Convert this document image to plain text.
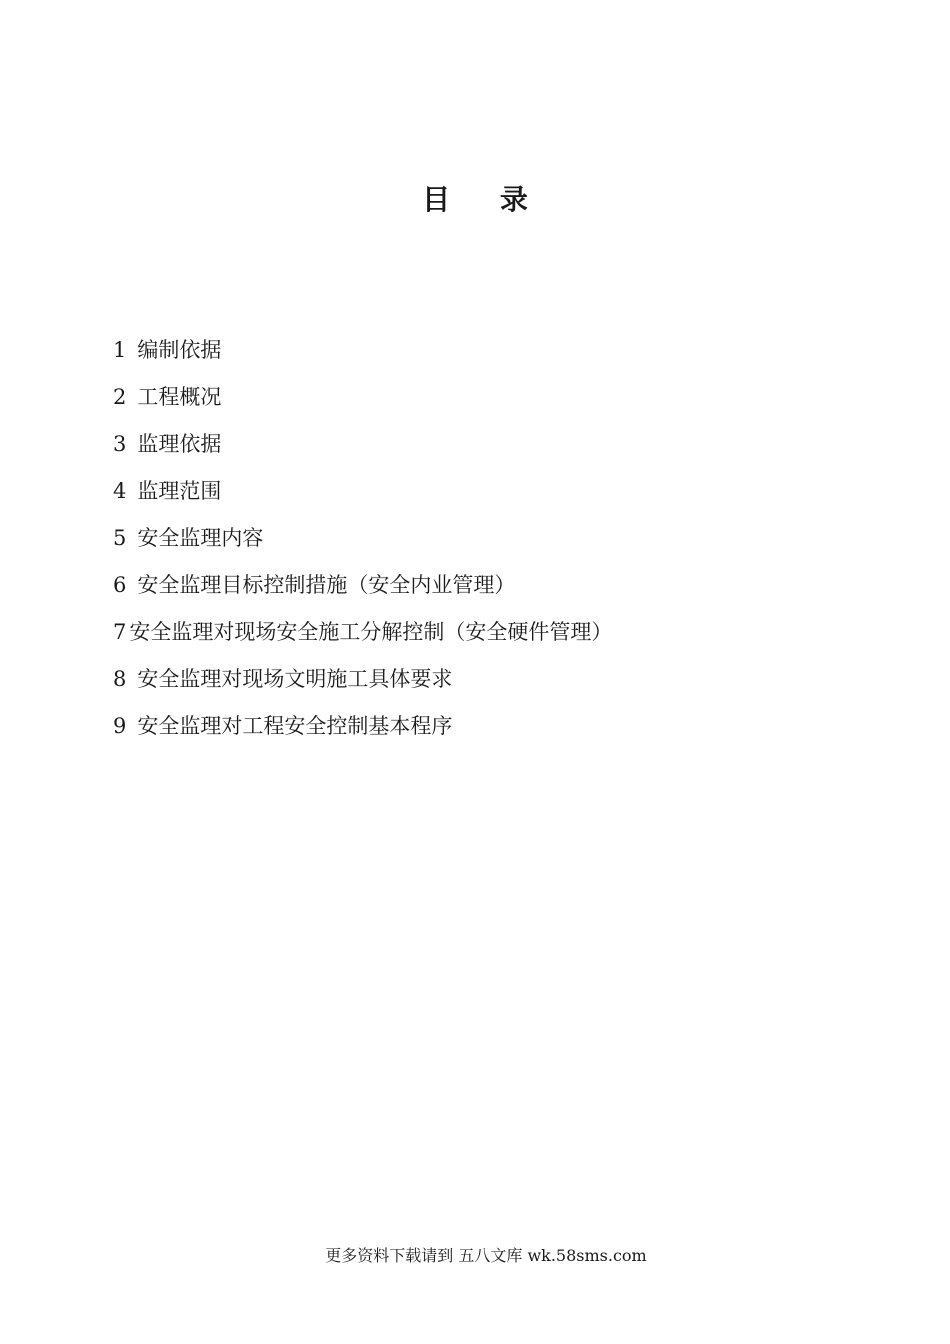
目 录
1 编制依据
2 工程概况
3 监理依据
4 监理范围
5 安全监理内容
6 安全监理目标控制措施（安全内业管理）
7 安全监理对现场安全施工分解控制（安全硬件管理）
8 安全监理对现场文明施工具体要求
9 安全监理对工程安全控制基本程序
更多资料下载请到 五八文库 wk.58sms.com
